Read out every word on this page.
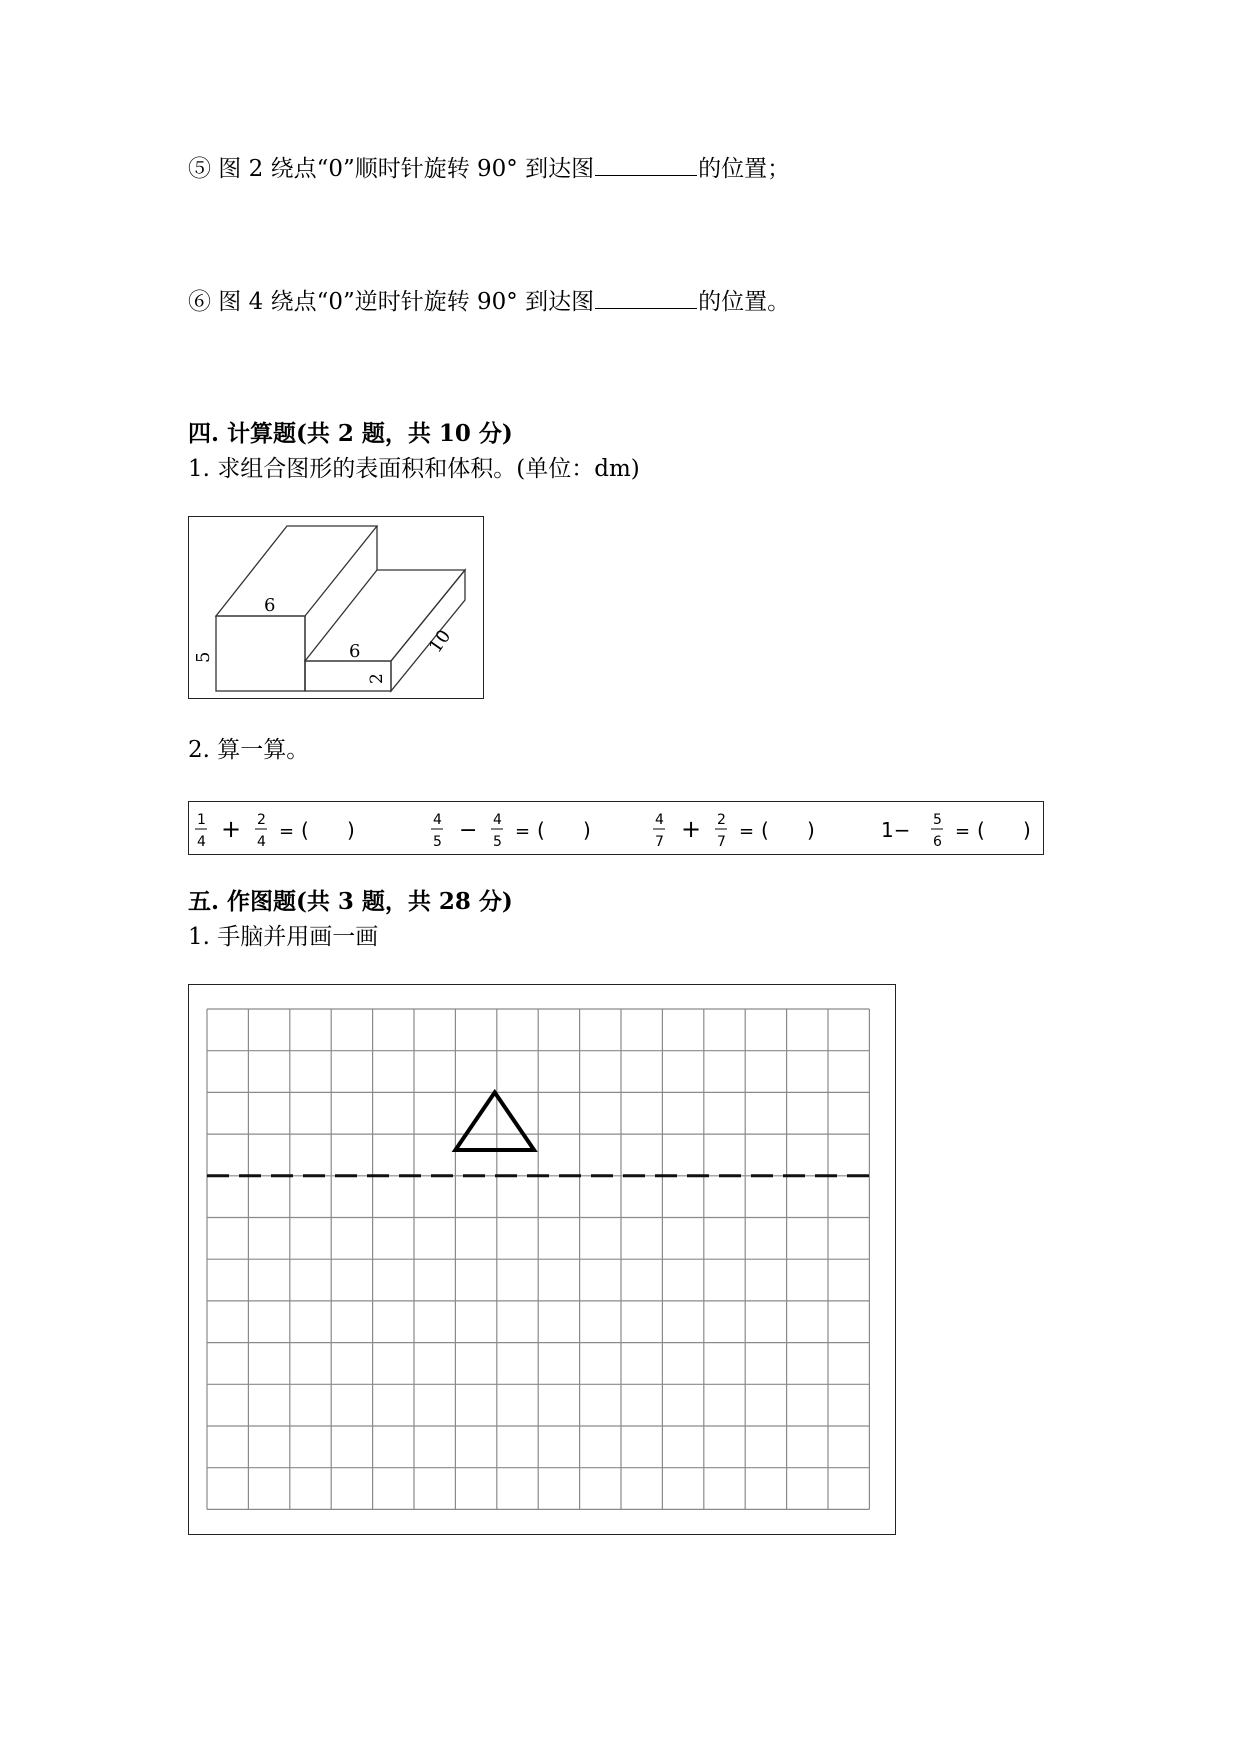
⑤ 图 2 绕点“0”顺时针旋转 90° 到达图	的位置；
⑥ 图 4 绕点“0”逆时针旋转 90° 到达图	的位置。
四. 计算题(共 2 题，共 10 分)
1. 求组合图形的表面积和体积。(单位：dm)
6
5	6
2
10
2. 算一算。
1
4 + 2
4 = (      )	4
5 − 4
5 = (      )	4
7 + 2
7 = (      )	1− 5
6 = (      )
五. 作图题(共 3 题，共 28 分)
1. 手脑并用画一画
